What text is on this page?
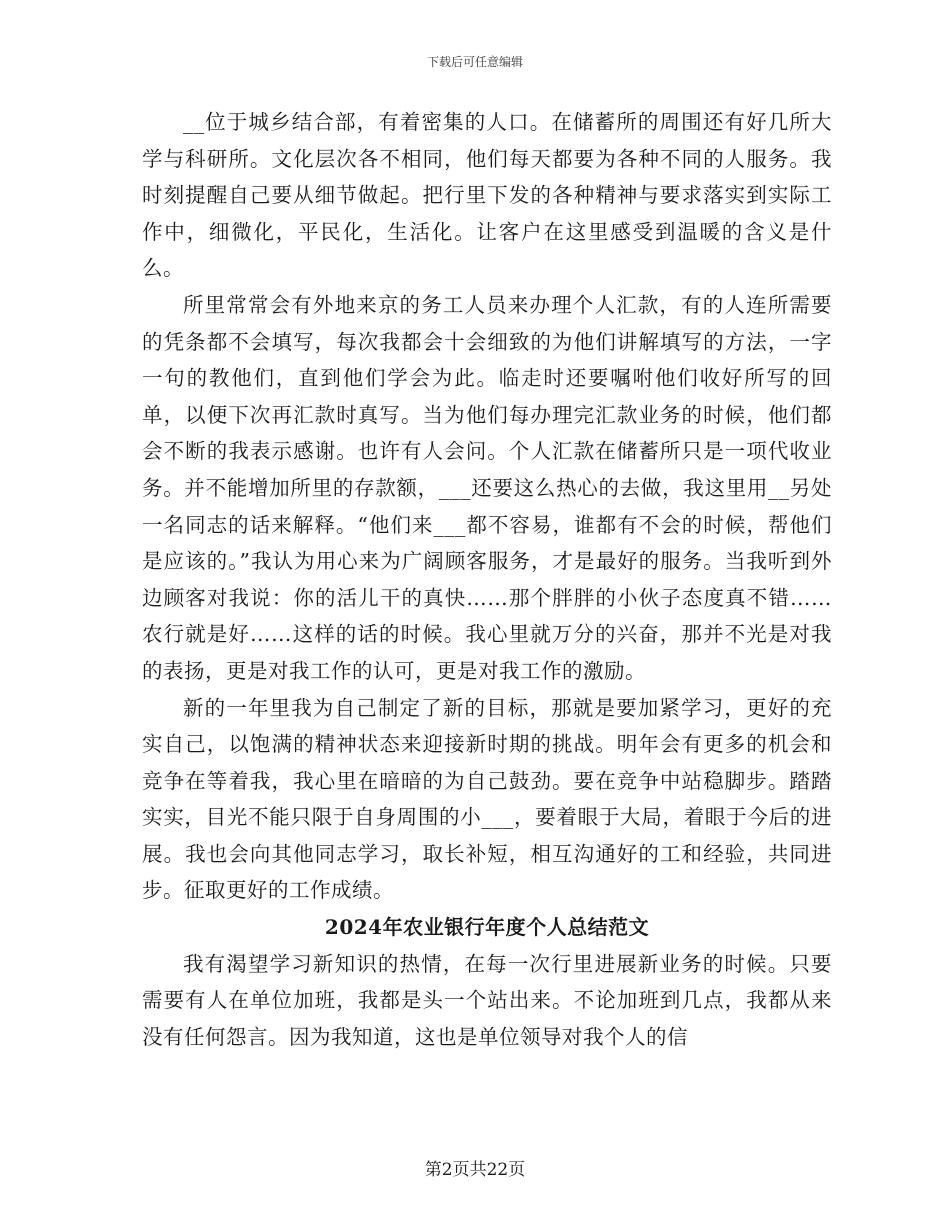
下载后可任意编辑

__位于城乡结合部，有着密集的人口。在储蓄所的周围还有好几所大学与科研所。文化层次各不相同，他们每天都要为各种不同的人服务。我时刻提醒自己要从细节做起。把行里下发的各种精神与要求落实到实际工作中，细微化，平民化，生活化。让客户在这里感受到温暖的含义是什么。

所里常常会有外地来京的务工人员来办理个人汇款，有的人连所需要的凭条都不会填写，每次我都会十会细致的为他们讲解填写的方法，一字一句的教他们，直到他们学会为此。临走时还要嘱咐他们收好所写的回单，以便下次再汇款时真写。当为他们每办理完汇款业务的时候，他们都会不断的我表示感谢。也许有人会问。个人汇款在储蓄所只是一项代收业务。并不能增加所里的存款额，___还要这么热心的去做，我这里用__另处一名同志的话来解释。“他们来___都不容易，谁都有不会的时候，帮他们是应该的。”我认为用心来为广阔顾客服务，才是最好的服务。当我听到外边顾客对我说：你的活儿干的真快……那个胖胖的小伙子态度真不错……农行就是好……这样的话的时候。我心里就万分的兴奋，那并不光是对我的表扬，更是对我工作的认可，更是对我工作的激励。

新的一年里我为自己制定了新的目标，那就是要加紧学习，更好的充实自己，以饱满的精神状态来迎接新时期的挑战。明年会有更多的机会和竞争在等着我，我心里在暗暗的为自己鼓劲。要在竞争中站稳脚步。踏踏实实，目光不能只限于自身周围的小___，要着眼于大局，着眼于今后的进展。我也会向其他同志学习，取长补短，相互沟通好的工和经验，共同进步。征取更好的工作成绩。

2024年农业银行年度个人总结范文

我有渴望学习新知识的热情，在每一次行里进展新业务的时候。只要需要有人在单位加班，我都是头一个站出来。不论加班到几点，我都从来没有任何怨言。因为我知道，这也是单位领导对我个人的信

第2页共22页
